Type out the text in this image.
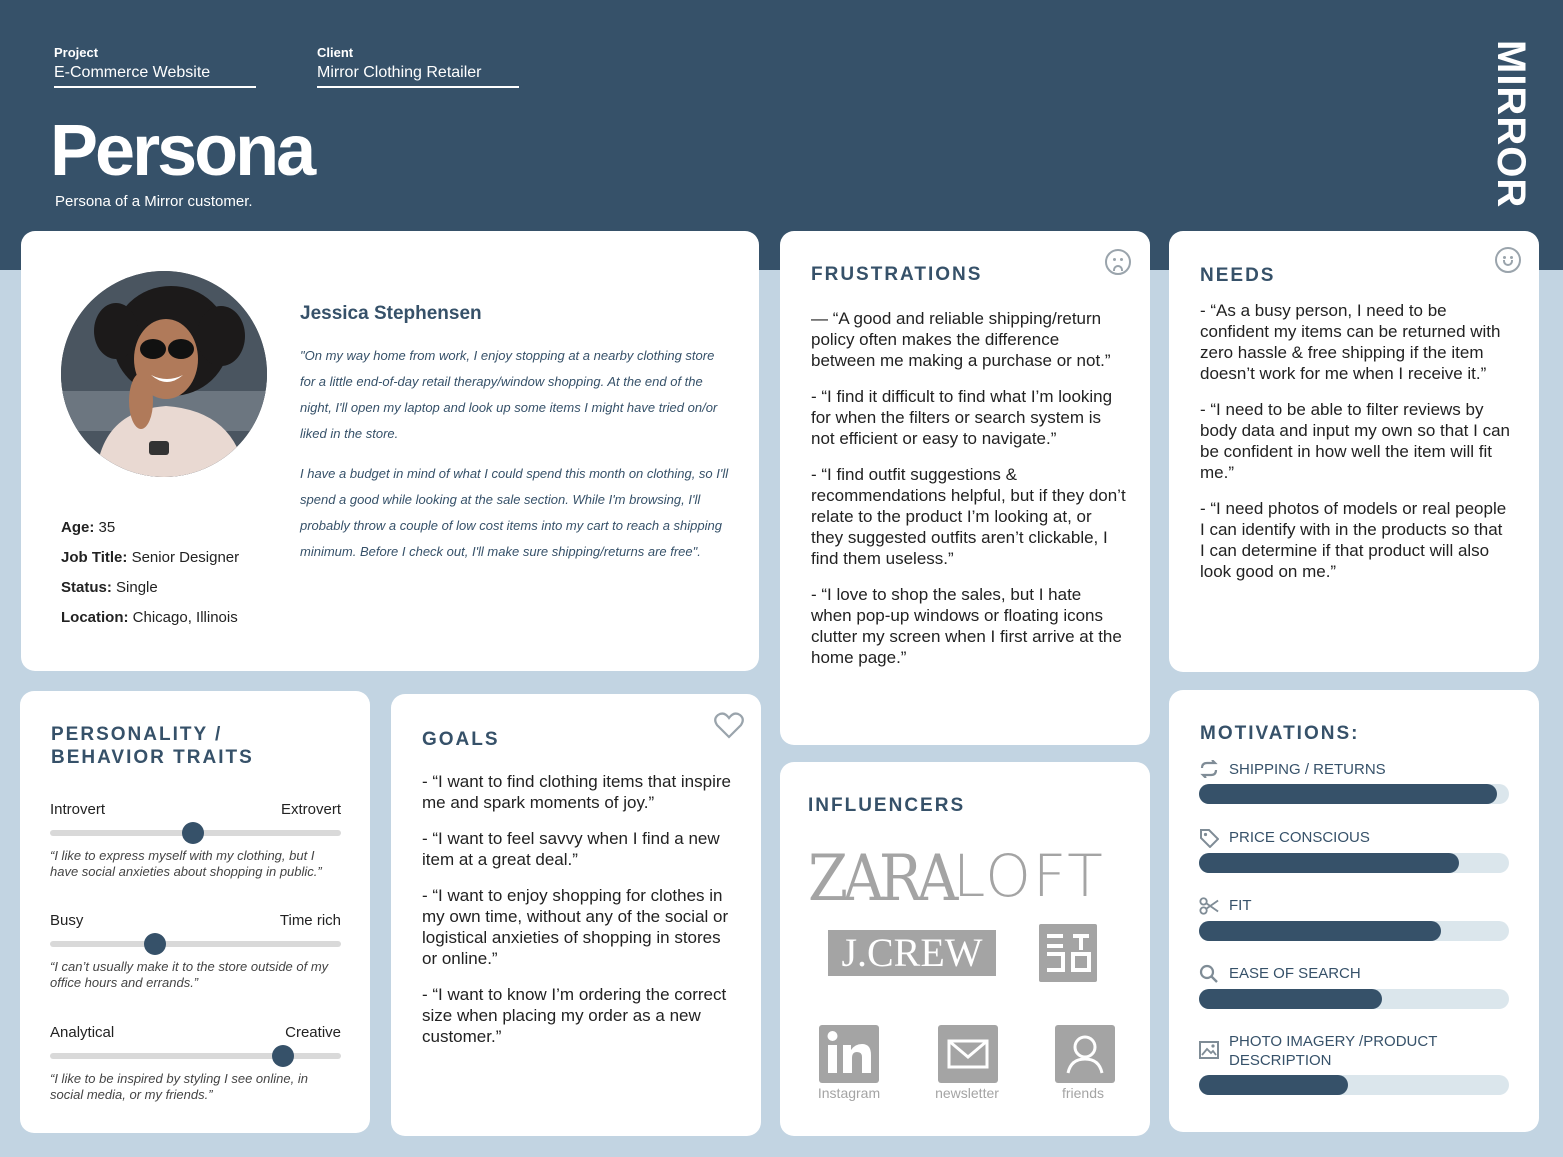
Project
E-Commerce Website
Client
Mirror Clothing Retailer
Persona
Persona of a Mirror customer.	MIRROR
Age: 35
Job Title: Senior Designer
Status: Single
Location: Chicago, Illinois
Jessica Stephensen

"On my way home from work, I enjoy stopping at a nearby clothing store for a little end-of-day retail therapy/window shopping. At the end of the night, I'll open my laptop and look up some items I might have tried on/or liked in the store.

I have a budget in mind of what I could spend this month on clothing, so I'll spend a good while looking at the sale section. While I'm browsing, I'll probably throw a couple of low cost items into my cart to reach a shipping minimum. Before I check out, I'll make sure shipping/returns are free".

FRUSTRATIONS

— “A good and reliable shipping/return policy often makes the difference between me making a purchase or not.”

- “I find it difficult to find what I’m looking for when the filters or search system is not efficient or easy to navigate.”

- “I find outfit suggestions & recommendations helpful, but if they don’t relate to the product I’m looking at, or they suggested outfits aren’t clickable, I find them useless.”

- “I love to shop the sales, but I hate when pop-up windows or floating icons clutter my screen when I first arrive at the home page.”

NEEDS

- “As a busy person, I need to be confident my items can be returned with zero hassle & free shipping if the item doesn’t work for me when I receive it.”

- “I need to be able to filter reviews by body data and input my own so that I can be confident in how well the item will fit me.”

- “I need photos of models or real people I can identify with in the products so that I can determine if that product will also look good on me.”

PERSONALITY /
BEHAVIOR TRAITS
Introvert	Extrovert
“I like to express myself with my clothing, but I have social anxieties about shopping in public.”
Busy	Time rich
“I can’t usually make it to the store outside of my office hours and errands.”
Analytical	Creative
“I like to be inspired by styling I see online, in social media, or my friends.”
GOALS

- “I want to find clothing items that inspire me and spark moments of joy.”

- “I want to feel savvy when I find a new item at a great deal.”

- “I want to enjoy shopping for clothes in my own time, without any of the social or logistical anxieties of shopping in stores or online.”

- “I want to know I’m ordering the correct size when placing my order as a new customer.”

INFLUENCERS
ZARA LOFT
J.CREW
Instagram	newsletter	friends
MOTIVATIONS:
SHIPPING / RETURNS
PRICE CONSCIOUS
FIT
EASE OF SEARCH
PHOTO IMAGERY /PRODUCT DESCRIPTION
